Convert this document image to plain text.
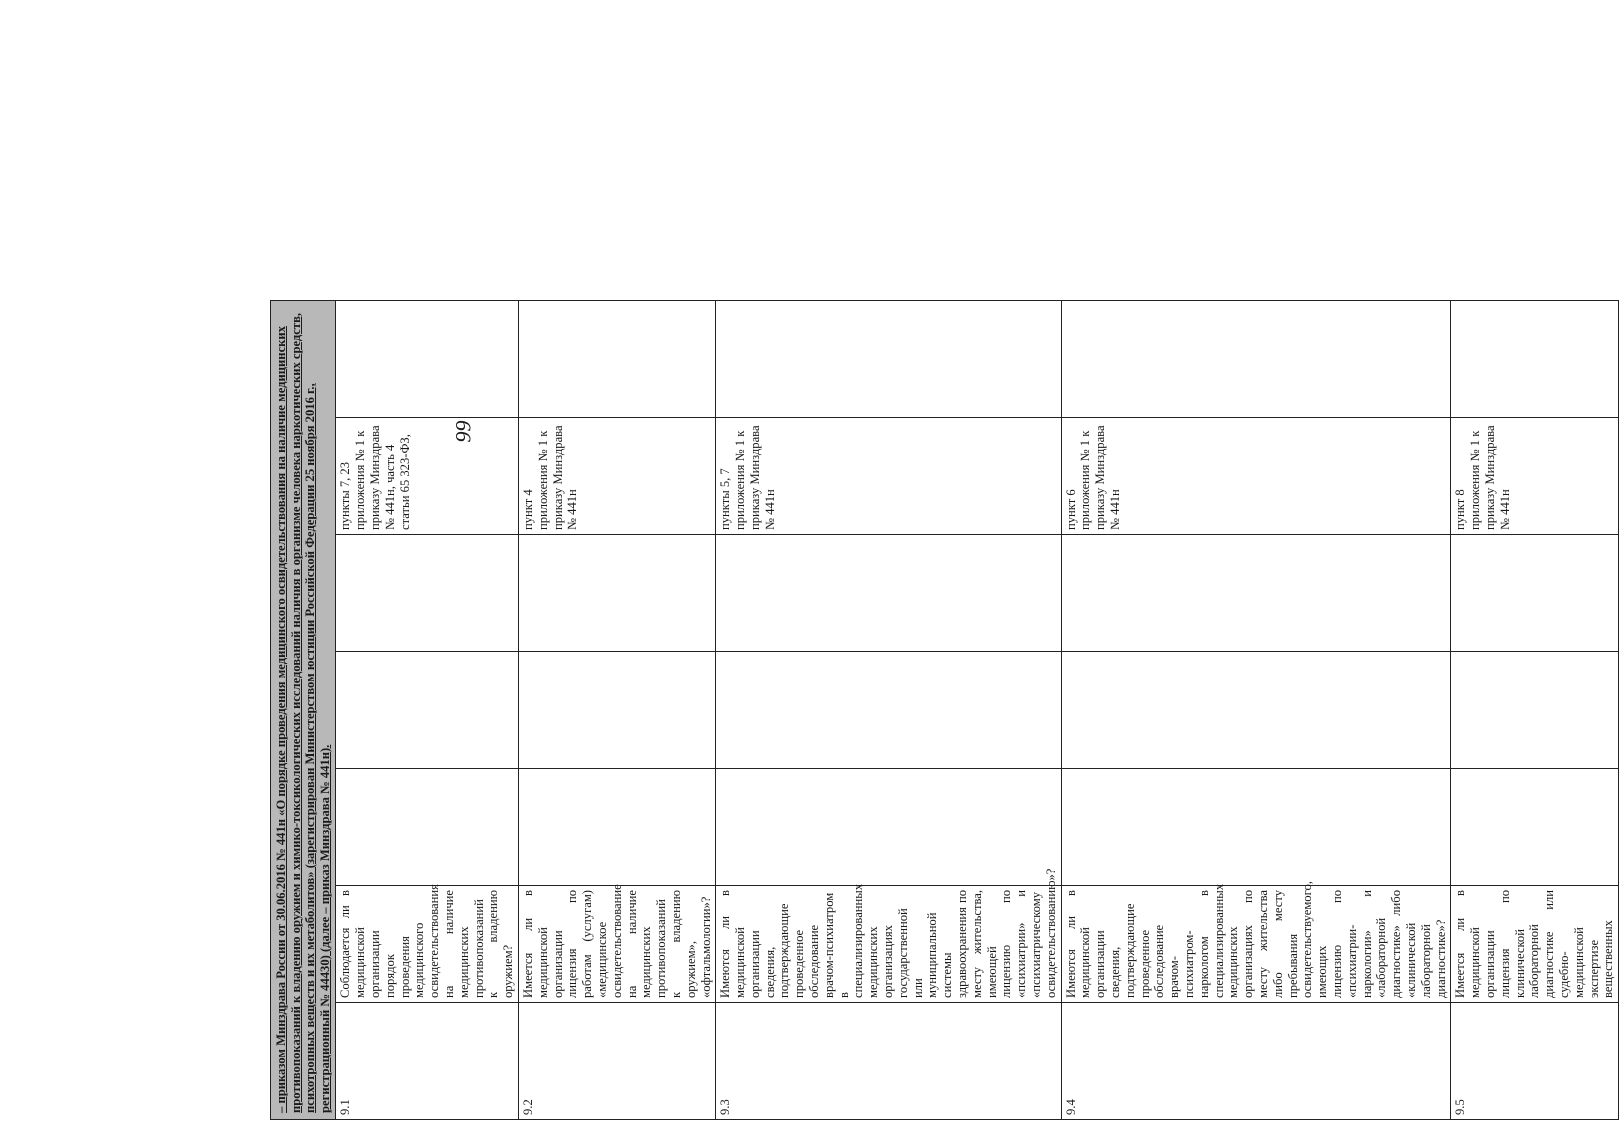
66
– приказом Минздрава России от 30.06.2016 № 441н «О порядке проведения медицинского освидетельствования на наличие медицинских противопоказаний к владению оружием и химико-токсикологических исследований наличия в организме человека наркотических средств, психотропных веществ и их метаболитов» (зарегистрирован Министерством юстиции Российской Федерации 25 ноября 2016 г., регистрационный № 44430) (далее – приказ Минздрава № 441н).						
9.1	Соблюдается ли в медицинской организации порядок проведения медицинского освидетельствования на наличие медицинских противопоказаний к владению оружием?				пункты 7, 23 приложения № 1 к приказу Минздрава № 441н, часть 4 статьи 65 323-ФЗ,	
9.2	Имеется ли в медицинской организации лицензия по работам (услугам) «медицинское освидетельствование на наличие медицинских противопоказаний к владению оружием», «офтальмологии»?				пункт 4 приложения № 1 к приказу Минздрава № 441н	
9.3	Имеются ли в медицинской организации сведения, подтверждающие проведенное обследование врачом-психиатром в специализированных медицинских организациях государственной или муниципальной системы здравоохранения по месту жительства, имеющей лицензию по «психиатрии» и «психиатрическому освидетельствованию»?				пункты 5, 7 приложения № 1 к приказу Минздрава № 441н	
9.4	Имеются ли в медицинской организации сведения, подтверждающие проведенное обследование врачом-психиатром-наркологом в специализированных медицинских организациях по месту жительства либо месту пребывания освидетельствуемого, имеющих лицензию по «психиатрии-наркологии» и «лабораторной диагностике» либо «клинической лабораторной диагностике»?				пункт 6 приложения № 1 к приказу Минздрава № 441н	
9.5	Имеется ли в медицинской организации лицензия по клинической лабораторной диагностике или судебно-медицинской экспертизе вещественных				пункт 8 приложения № 1 к приказу Минздрава № 441н	
